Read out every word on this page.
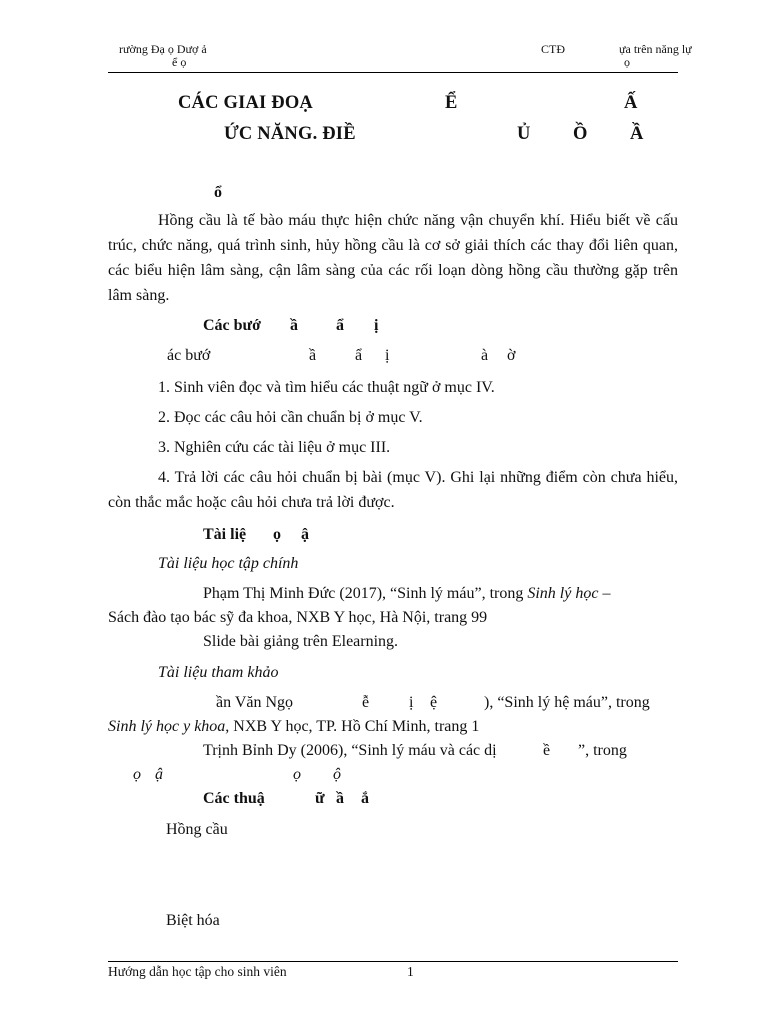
rường Đạ ọ Dượ ả
ể ọ
CTĐ	ựa trên năng lự
ọ
CÁC GIAI ĐOẠ	Ể	Ấ
ỨC NĂNG. ĐIỀ	Ủ Ồ Ầ
ổ
Hồng cầu là tế bào máu thực hiện chức năng vận chuyển khí. Hiểu biết về cấu trúc, chức năng, quá trình sinh, hủy hồng cầu là cơ sở giải thích các thay đổi liên quan, các biểu hiện lâm sàng, cận lâm sàng của các rối loạn dòng hồng cầu thường gặp trên lâm sàng.
Các bướ ầ ẩ ị
ác bướ	ầ ẩ ị	à ờ
1. Sinh viên đọc và tìm hiểu các thuật ngữ ở mục IV.
2. Đọc các câu hỏi cần chuẩn bị ở mục V.
3. Nghiên cứu các tài liệu ở mục III.
4. Trả lời các câu hỏi chuẩn bị bài (mục V). Ghi lại những điểm còn chưa hiểu, còn thắc mắc hoặc câu hỏi chưa trả lời được.
Tài liệ ọ ậ
Tài liệu học tập chính
Phạm Thị Minh Đức (2017), “Sinh lý máu”, trong Sinh lý học –
Sách đào tạo bác sỹ đa khoa, NXB Y học, Hà Nội, trang 99
Slide bài giảng trên Elearning.
Tài liệu tham khảo
ần Văn Ngọ	ễ ị ệ	), “Sinh lý hệ máu”, trong
Sinh lý học y khoa, NXB Y học, TP. Hồ Chí Minh, trang 1
Trịnh Bỉnh Dy (2006), “Sinh lý máu và các dị	ề ”, trong
ọ ậ	ọ ộ
Các thuậ	ữ ầ ắ
Hồng cầu
Biệt hóa
Hướng dẫn học tập cho sinh viên	1
